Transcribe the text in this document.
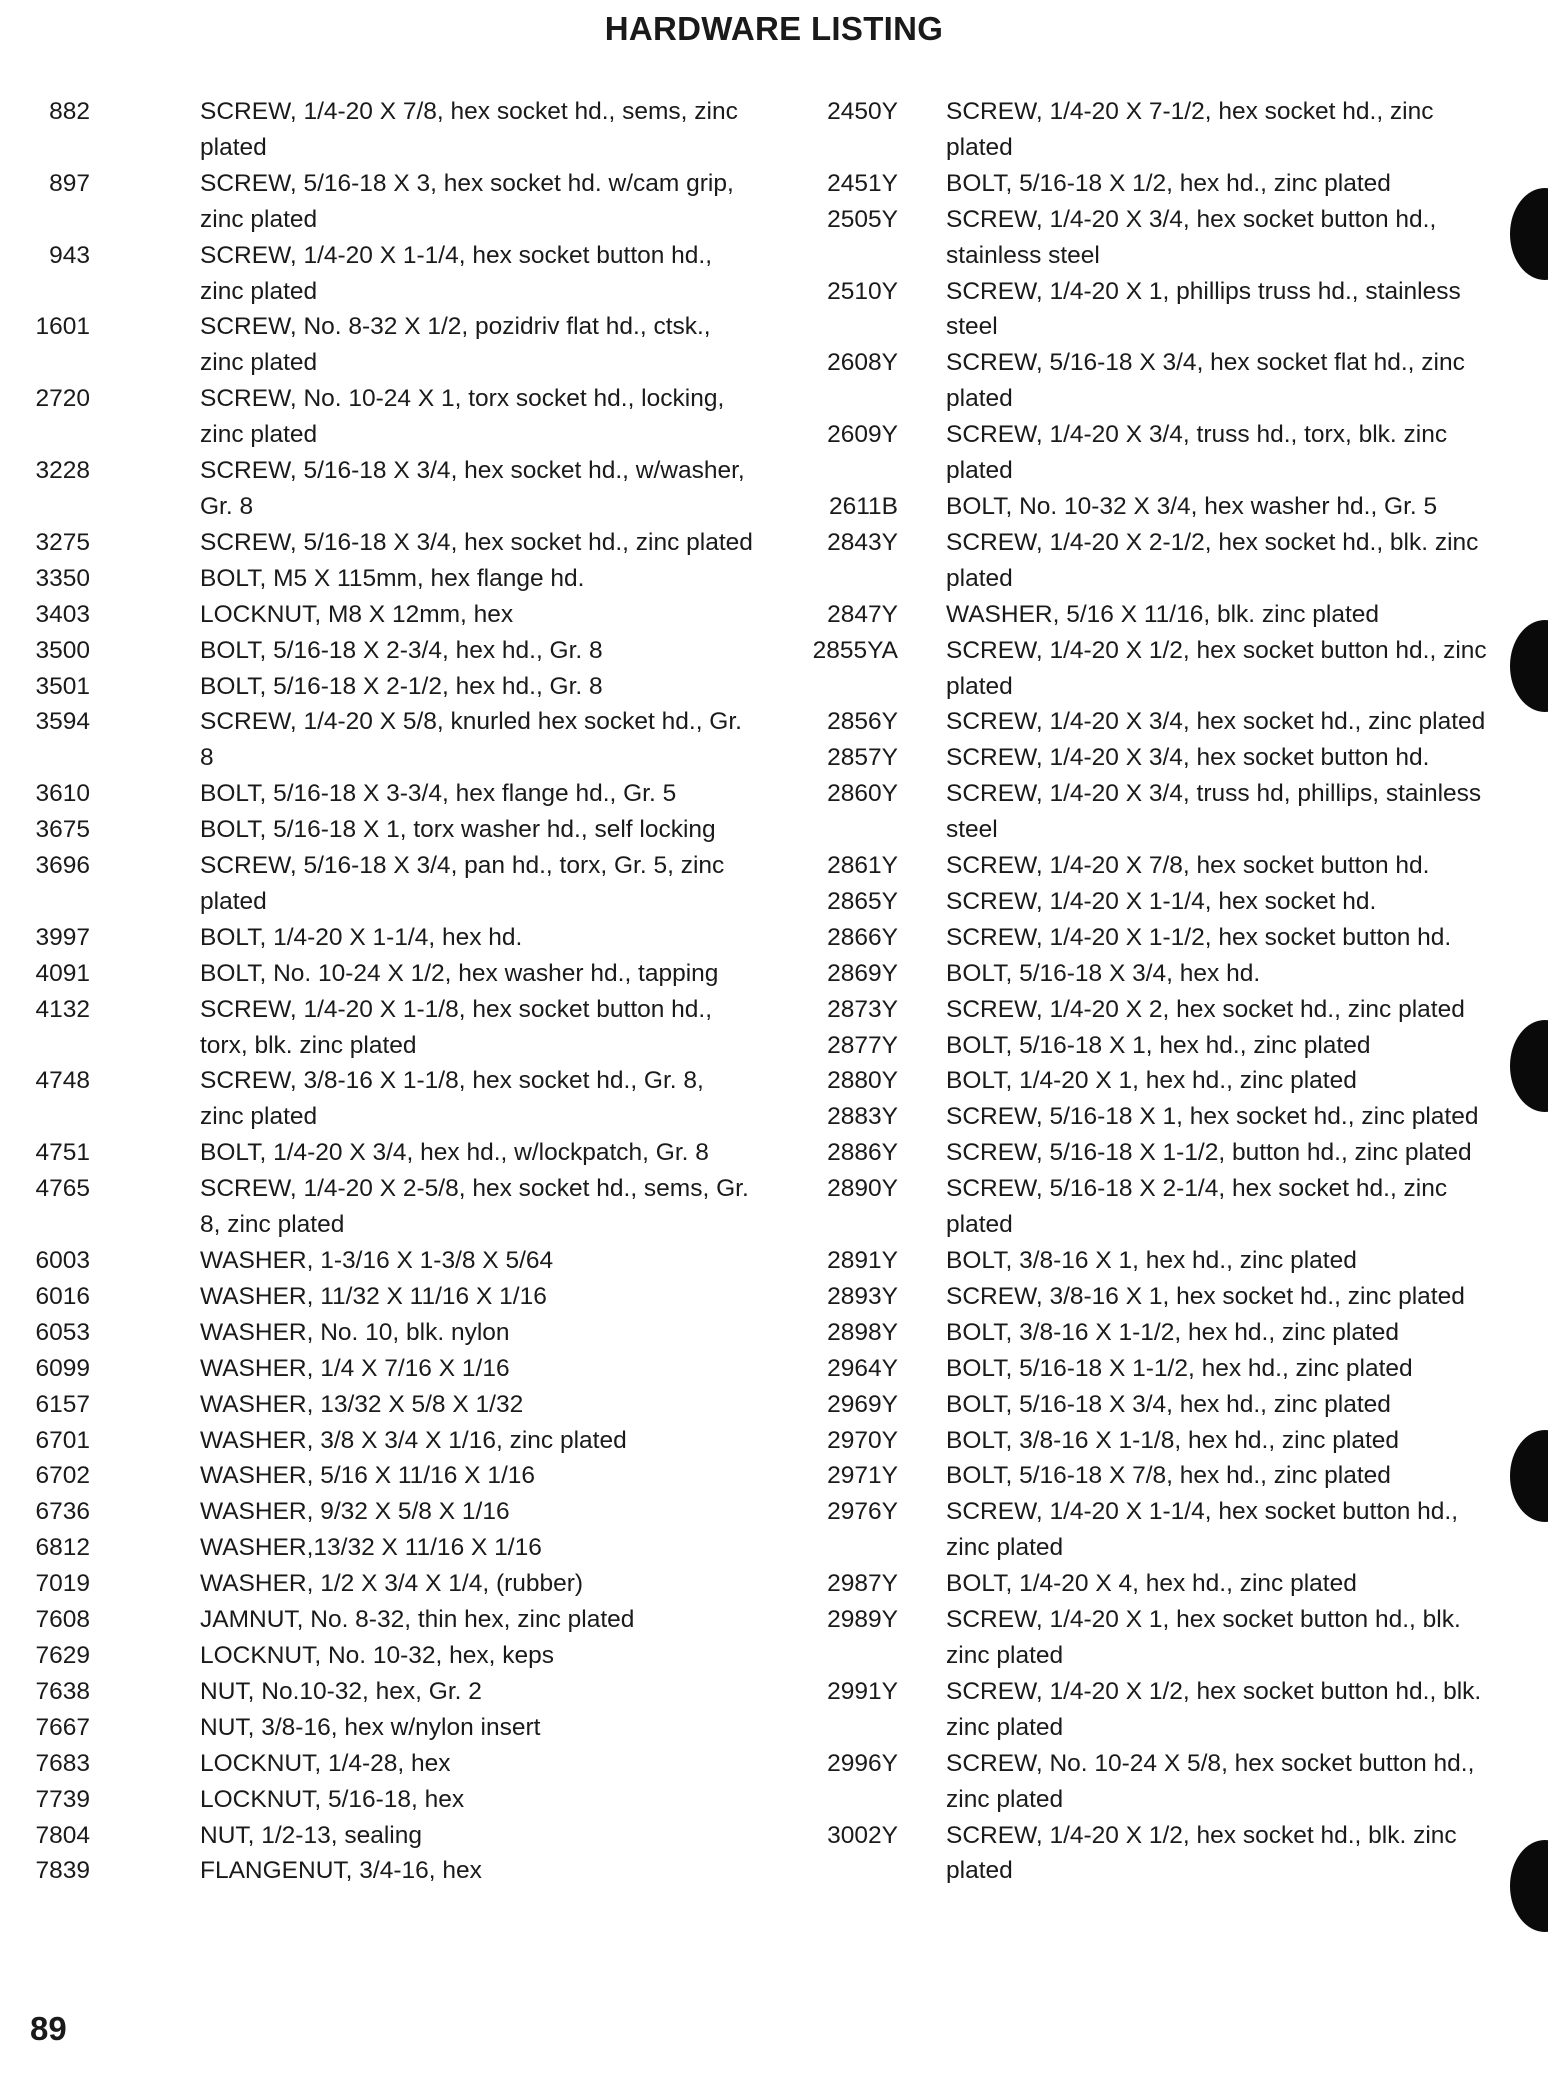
HARDWARE LISTING
882	SCREW, 1/4-20 X 7/8, hex socket hd., sems, zinc plated
897	SCREW, 5/16-18 X 3, hex socket hd. w/cam grip, zinc plated
943	SCREW, 1/4-20 X 1-1/4, hex socket button hd., zinc plated
1601	SCREW, No. 8-32 X 1/2, pozidriv flat hd., ctsk., zinc plated
2720	SCREW, No. 10-24 X 1, torx socket hd., locking, zinc plated
3228	SCREW, 5/16-18 X 3/4, hex socket hd., w/washer, Gr. 8
3275	SCREW, 5/16-18 X 3/4, hex socket hd., zinc plated
3350	BOLT, M5 X 115mm, hex flange hd.
3403	LOCKNUT, M8 X 12mm, hex
3500	BOLT, 5/16-18 X 2-3/4, hex hd., Gr. 8
3501	BOLT, 5/16-18 X 2-1/2, hex hd., Gr. 8
3594	SCREW, 1/4-20 X 5/8, knurled hex socket hd., Gr. 8
3610	BOLT, 5/16-18 X 3-3/4, hex flange hd., Gr. 5
3675	BOLT, 5/16-18 X 1, torx washer hd., self locking
3696	SCREW, 5/16-18 X 3/4, pan hd., torx, Gr. 5, zinc plated
3997	BOLT, 1/4-20 X 1-1/4, hex hd.
4091	BOLT, No. 10-24 X 1/2, hex washer hd., tapping
4132	SCREW, 1/4-20 X 1-1/8, hex socket button hd., torx, blk. zinc plated
4748	SCREW, 3/8-16 X 1-1/8, hex socket hd., Gr. 8, zinc plated
4751	BOLT, 1/4-20 X 3/4, hex hd., w/lockpatch, Gr. 8
4765	SCREW, 1/4-20 X 2-5/8, hex socket hd., sems, Gr. 8, zinc plated
6003	WASHER, 1-3/16 X 1-3/8 X 5/64
6016	WASHER, 11/32 X 11/16 X 1/16
6053	WASHER, No. 10, blk. nylon
6099	WASHER, 1/4 X 7/16 X 1/16
6157	WASHER, 13/32 X 5/8 X 1/32
6701	WASHER, 3/8 X 3/4 X 1/16, zinc plated
6702	WASHER, 5/16 X 11/16 X 1/16
6736	WASHER, 9/32 X 5/8 X 1/16
6812	WASHER,13/32 X 11/16 X 1/16
7019	WASHER, 1/2 X 3/4 X 1/4, (rubber)
7608	JAMNUT, No. 8-32, thin hex, zinc plated
7629	LOCKNUT, No. 10-32, hex, keps
7638	NUT, No.10-32, hex, Gr. 2
7667	NUT, 3/8-16, hex w/nylon insert
7683	LOCKNUT, 1/4-28, hex
7739	LOCKNUT, 5/16-18, hex
7804	NUT, 1/2-13, sealing
7839	FLANGENUT, 3/4-16, hex
2450Y SCREW, 1/4-20 X 7-1/2, hex socket hd., zinc plated
2451Y BOLT, 5/16-18 X 1/2, hex hd., zinc plated
2505Y SCREW, 1/4-20 X 3/4, hex socket button hd., stainless steel
2510Y SCREW, 1/4-20 X 1, phillips truss hd., stainless steel
2608Y SCREW, 5/16-18 X 3/4, hex socket flat hd., zinc plated
2609Y SCREW, 1/4-20 X 3/4, truss hd., torx, blk. zinc plated
2611B BOLT, No. 10-32 X 3/4, hex washer hd., Gr. 5
2843Y SCREW, 1/4-20 X 2-1/2, hex socket hd., blk. zinc plated
2847Y WASHER, 5/16 X 11/16, blk. zinc plated
2855YA SCREW, 1/4-20 X 1/2, hex socket button hd., zinc plated
2856Y SCREW, 1/4-20 X 3/4, hex socket hd., zinc plated
2857Y SCREW, 1/4-20 X 3/4, hex socket button hd.
2860Y SCREW, 1/4-20 X 3/4, truss hd, phillips, stainless steel
2861Y SCREW, 1/4-20 X 7/8, hex socket button hd.
2865Y SCREW, 1/4-20 X 1-1/4, hex socket hd.
2866Y SCREW, 1/4-20 X 1-1/2, hex socket button hd.
2869Y BOLT, 5/16-18 X 3/4, hex hd.
2873Y SCREW, 1/4-20 X 2, hex socket hd., zinc plated
2877Y BOLT, 5/16-18 X 1, hex hd., zinc plated
2880Y BOLT, 1/4-20 X 1, hex hd., zinc plated
2883Y SCREW, 5/16-18 X 1, hex socket hd., zinc plated
2886Y SCREW, 5/16-18 X 1-1/2, button hd., zinc plated
2890Y SCREW, 5/16-18 X 2-1/4, hex socket hd., zinc plated
2891Y BOLT, 3/8-16 X 1, hex hd., zinc plated
2893Y SCREW, 3/8-16 X 1, hex socket hd., zinc plated
2898Y BOLT, 3/8-16 X 1-1/2, hex hd., zinc plated
2964Y BOLT, 5/16-18 X 1-1/2, hex hd., zinc plated
2969Y BOLT, 5/16-18 X 3/4, hex hd., zinc plated
2970Y BOLT, 3/8-16 X 1-1/8, hex hd., zinc plated
2971Y BOLT, 5/16-18 X 7/8, hex hd., zinc plated
2976Y SCREW, 1/4-20 X 1-1/4, hex socket button hd., zinc plated
2987Y BOLT, 1/4-20 X 4, hex hd., zinc plated
2989Y SCREW, 1/4-20 X 1, hex socket button hd., blk. zinc plated
2991Y SCREW, 1/4-20 X 1/2, hex socket button hd., blk. zinc plated
2996Y SCREW, No. 10-24 X 5/8, hex socket button hd., zinc plated
3002Y SCREW, 1/4-20 X 1/2, hex socket hd., blk. zinc plated
89
